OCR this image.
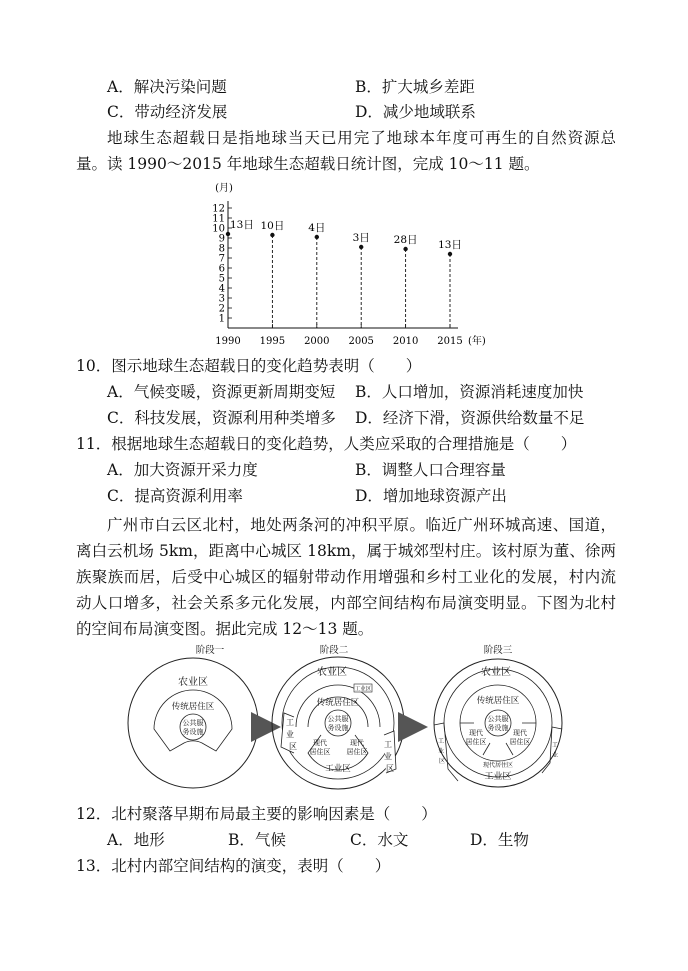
A．解决污染问题	B．扩大城乡差距
C．带动经济发展	D．减少地域联系
地球生态超载日是指地球当天已用完了地球本年度可再生的自然资源总量。读 1990～2015 年地球生态超载日统计图，完成 10～11 题。
(月)
1
2
3
4
5
6
7
8
9
10
11
12
1990 1995 2000 2005 2010 2015 (年)
13日 10日 4日
3日 28日 13日
10．图示地球生态超载日的变化趋势表明（　　）
A．气候变暖，资源更新周期变短 B．人口增加，资源消耗速度加快
C．科技发展，资源利用种类增多 D．经济下滑，资源供给数量不足
11．根据地球生态超载日的变化趋势，人类应采取的合理措施是（　　）
A．加大资源开采力度	B．调整人口合理容量
C．提高资源利用率	D．增加地球资源产出
广州市白云区北村，地处两条河的冲积平原。临近广州环城高速、国道，离白云机场 5km，距离中心城区 18km，属于城郊型村庄。该村原为董、徐两族聚族而居，后受中心城区的辐射带动作用增强和乡村工业化的发展，村内流动人口增多，社会关系多元化发展，内部空间结构布局演变明显。下图为北村的空间布局演变图。据此完成 12～13 题。
阶段一
农业区
传统居住区
公共服
务设施
阶段二
农业区
工业区
传统居住区
公共服
务设施
现代
居住区
现代
居住区
工业区
工
业
区	工
业
区
阶段三
农业区
传统居住区
公共服
务设施
现代
居住区
现代
居住区
现代居住区
工业区
工
业
区
工
业
12．北村聚落早期布局最主要的影响因素是（　　）
A．地形	B．气候	C．水文	D．生物
13．北村内部空间结构的演变，表明（　　）
